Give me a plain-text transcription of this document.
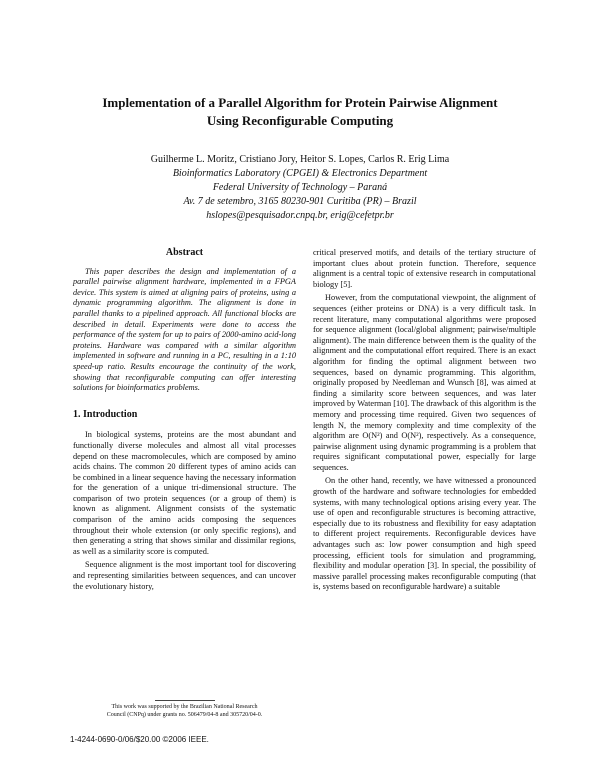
Implementation of a Parallel Algorithm for Protein Pairwise Alignment
Using Reconfigurable Computing
Guilherme L. Moritz, Cristiano Jory, Heitor S. Lopes, Carlos R. Erig Lima
Bioinformatics Laboratory (CPGEI) & Electronics Department
Federal University of Technology – Paraná
Av. 7 de setembro, 3165 80230-901 Curitiba (PR) – Brazil
hslopes@pesquisador.cnpq.br, erig@cefetpr.br
Abstract

This paper describes the design and implementation of a parallel pairwise alignment hardware, implemented in a FPGA device. This system is aimed at aligning pairs of proteins, using a dynamic programming algorithm. The alignment is done in parallel thanks to a pipelined approach. All functional blocks are described in detail. Experiments were done to access the performance of the system for up to pairs of 2000-amino acid-long proteins. Hardware was compared with a similar algorithm implemented in software and running in a PC, resulting in a 1:10 speed-up ratio. Results encourage the continuity of the work, showing that reconfigurable computing can offer interesting solutions for bioinformatics problems.

1. Introduction

In biological systems, proteins are the most abundant and functionally diverse molecules and almost all vital processes depend on these macromolecules, which are composed by amino acids chains. The common 20 different types of amino acids can be combined in a linear sequence having the necessary information for the generation of a unique tri-dimensional structure. The comparison of two protein sequences (or a group of them) is known as alignment. Alignment consists of the systematic comparison of the amino acids composing the sequences throughout their whole extension (or only specific regions), and then generating a string that shows similar and dissimilar regions, as well as a similarity score is computed.

Sequence alignment is the most important tool for discovering and representing similarities between sequences, and can uncover the evolutionary history,

This work was supported by the Brazilian National Research
Council (CNPq) under grants no. 506479/04-8 and 305720/04-0.

critical preserved motifs, and details of the tertiary structure of important clues about protein function. Therefore, sequence alignment is a central topic of extensive research in computational biology [5].

However, from the computational viewpoint, the alignment of sequences (either proteins or DNA) is a very difficult task. In recent literature, many computational algorithms were proposed for sequence alignment (local/global alignment; pairwise/multiple alignment). The main difference between them is the quality of the alignment and the computational effort required. There is an exact algorithm for finding the optimal alignment between two sequences, based on dynamic programming. This algorithm, originally proposed by Needleman and Wunsch [8], was aimed at finding a similarity score between sequences, and was later improved by Waterman [10]. The drawback of this algorithm is the memory and processing time required. Given two sequences of length N, the memory complexity and time complexity of the algorithm are O(N²) and O(N²), respectively. As a consequence, pairwise alignment using dynamic programming is a problem that requires significant computational power, especially for large sequences.

On the other hand, recently, we have witnessed a pronounced growth of the hardware and software technologies for embedded systems, with many technological options arising every year. The use of open and reconfigurable structures is becoming attractive, especially due to its robustness and flexibility for easy adaptation to different project requirements. Reconfigurable devices have advantages such as: low power consumption and high speed processing, efficient tools for simulation and programming, flexibility and modular operation [3]. In special, the possibility of massive parallel processing makes reconfigurable computing (that is, systems based on reconfigurable hardware) a suitable

1-4244-0690-0/06/$20.00 ©2006 IEEE.
